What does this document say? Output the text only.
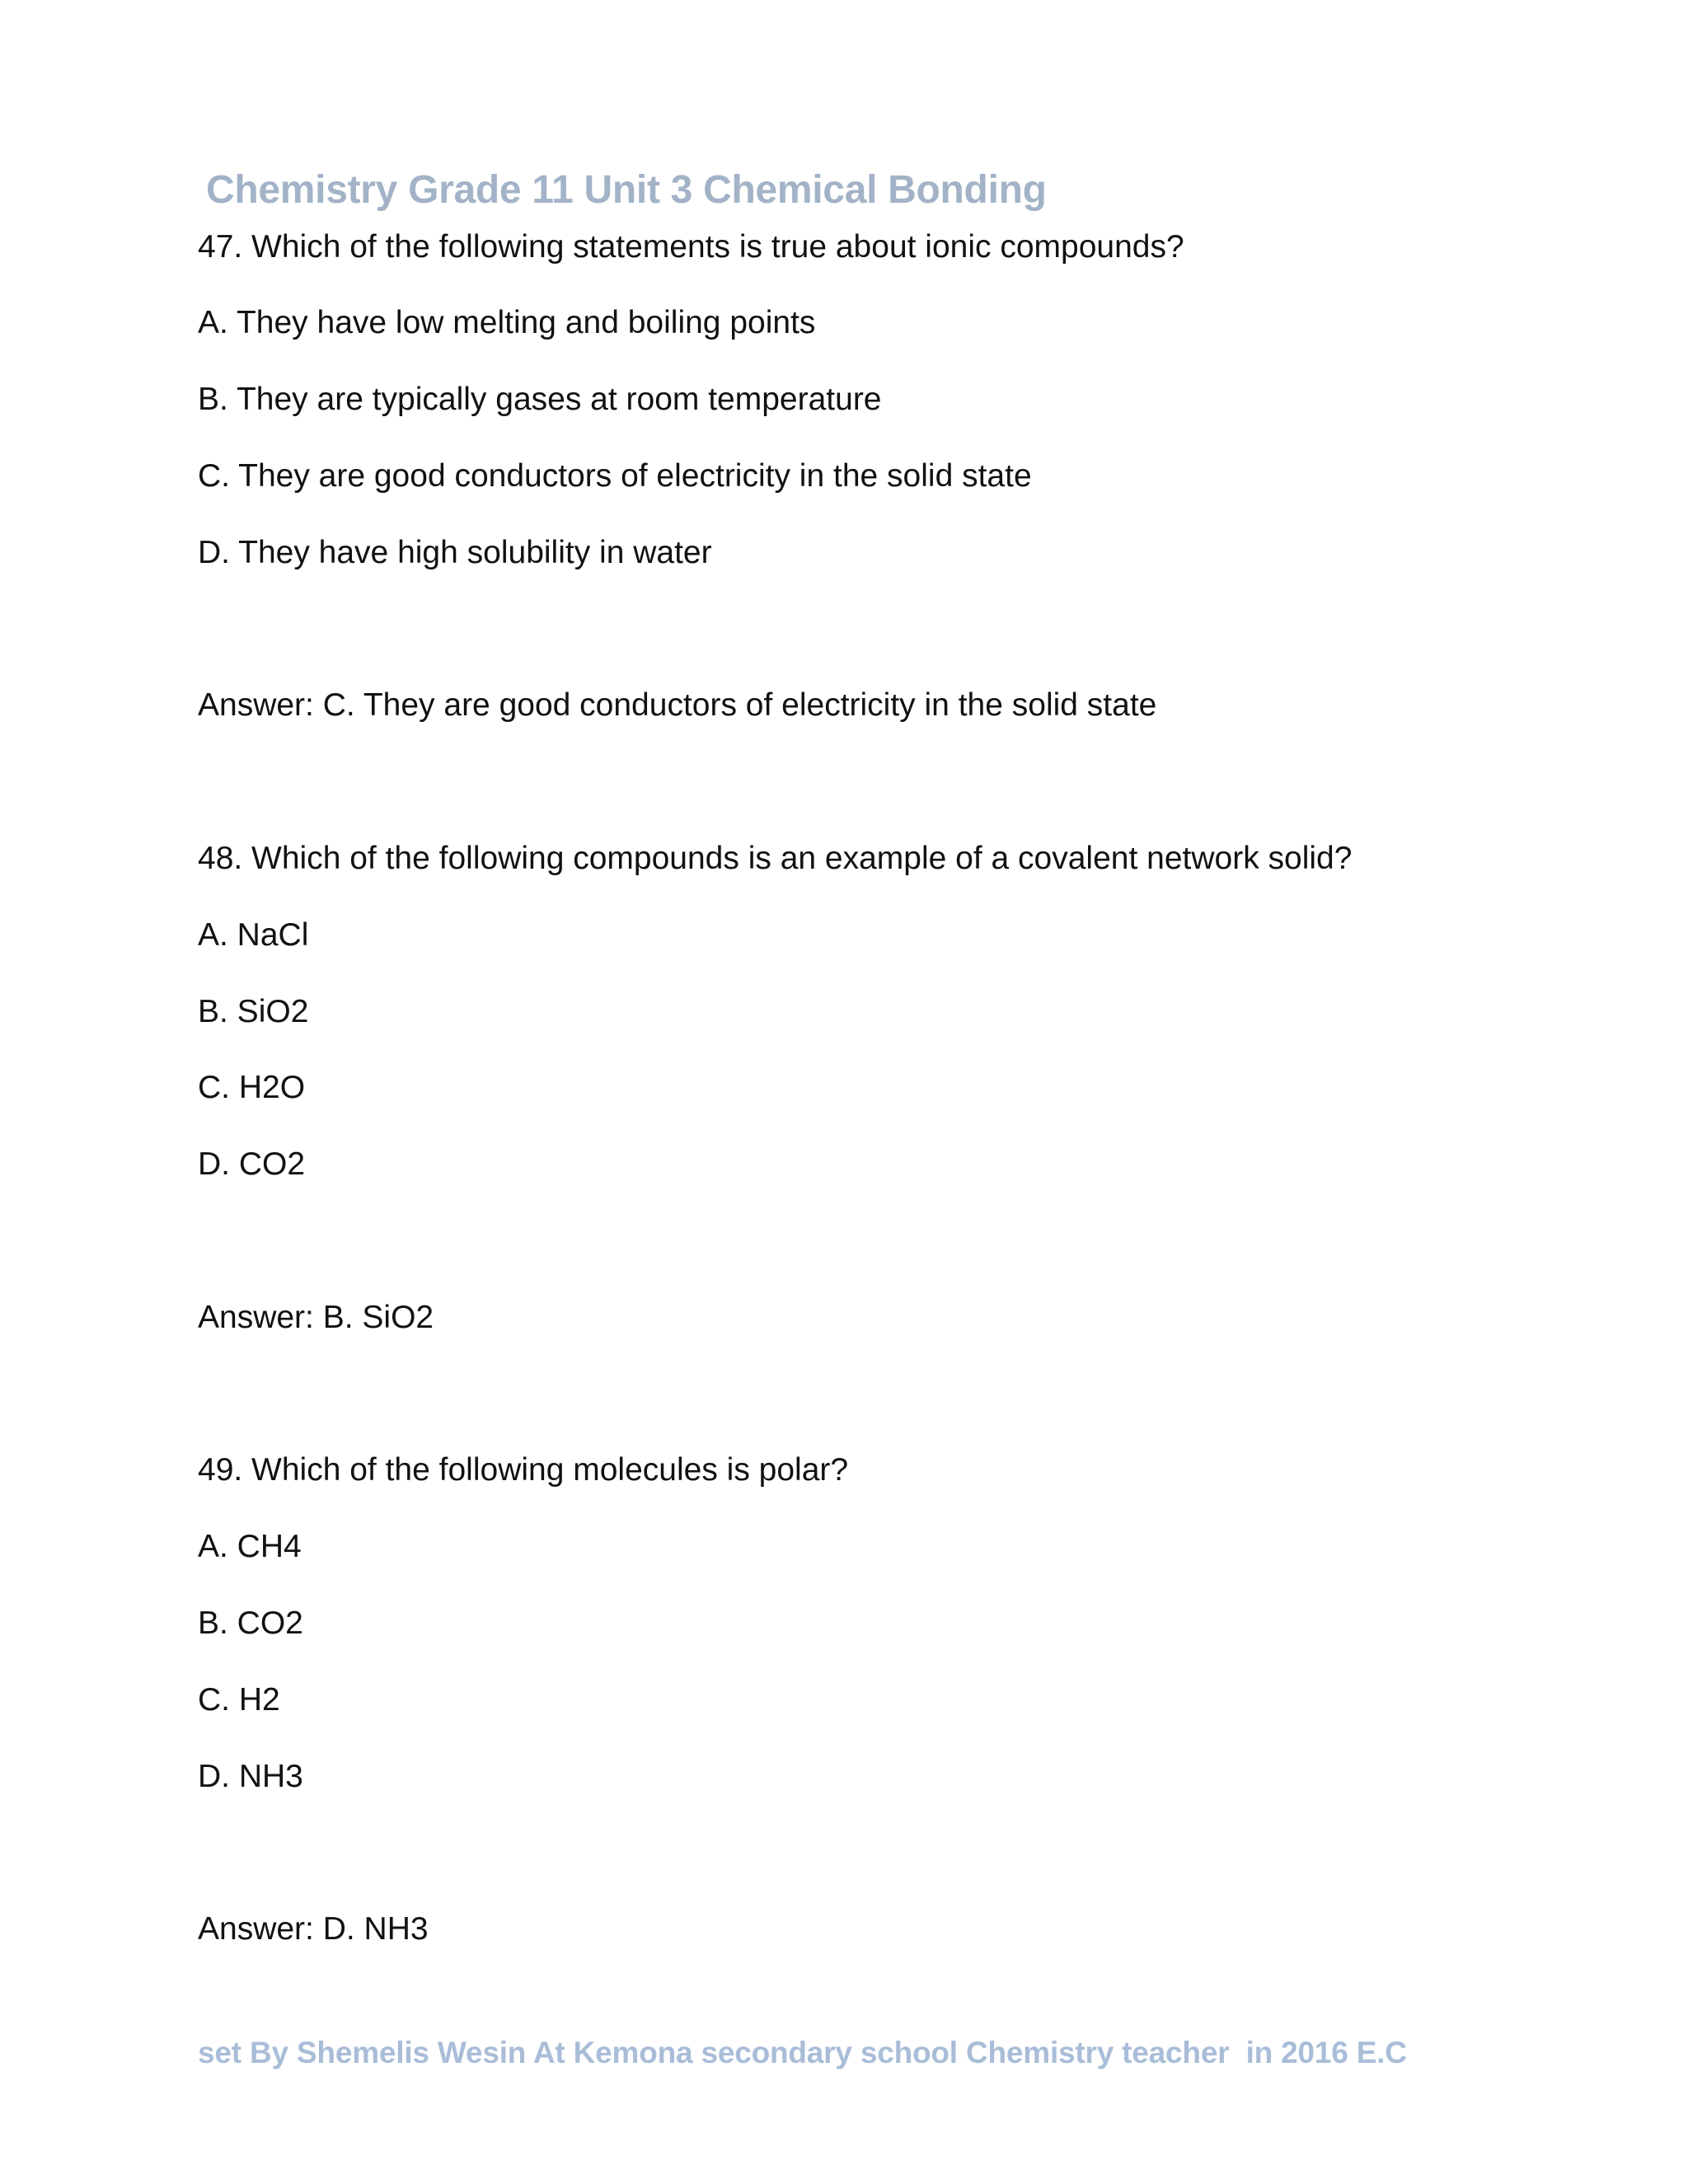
Chemistry Grade 11 Unit 3 Chemical Bonding
47. Which of the following statements is true about ionic compounds?
A. They have low melting and boiling points
B. They are typically gases at room temperature
C. They are good conductors of electricity in the solid state
D. They have high solubility in water
Answer: C. They are good conductors of electricity in the solid state
48. Which of the following compounds is an example of a covalent network solid?
A. NaCl
B. SiO2
C. H2O
D. CO2
Answer: B. SiO2
49. Which of the following molecules is polar?
A. CH4
B. CO2
C. H2
D. NH3
Answer: D. NH3
set By Shemelis Wesin At Kemona secondary school Chemistry teacher  in 2016 E.C
